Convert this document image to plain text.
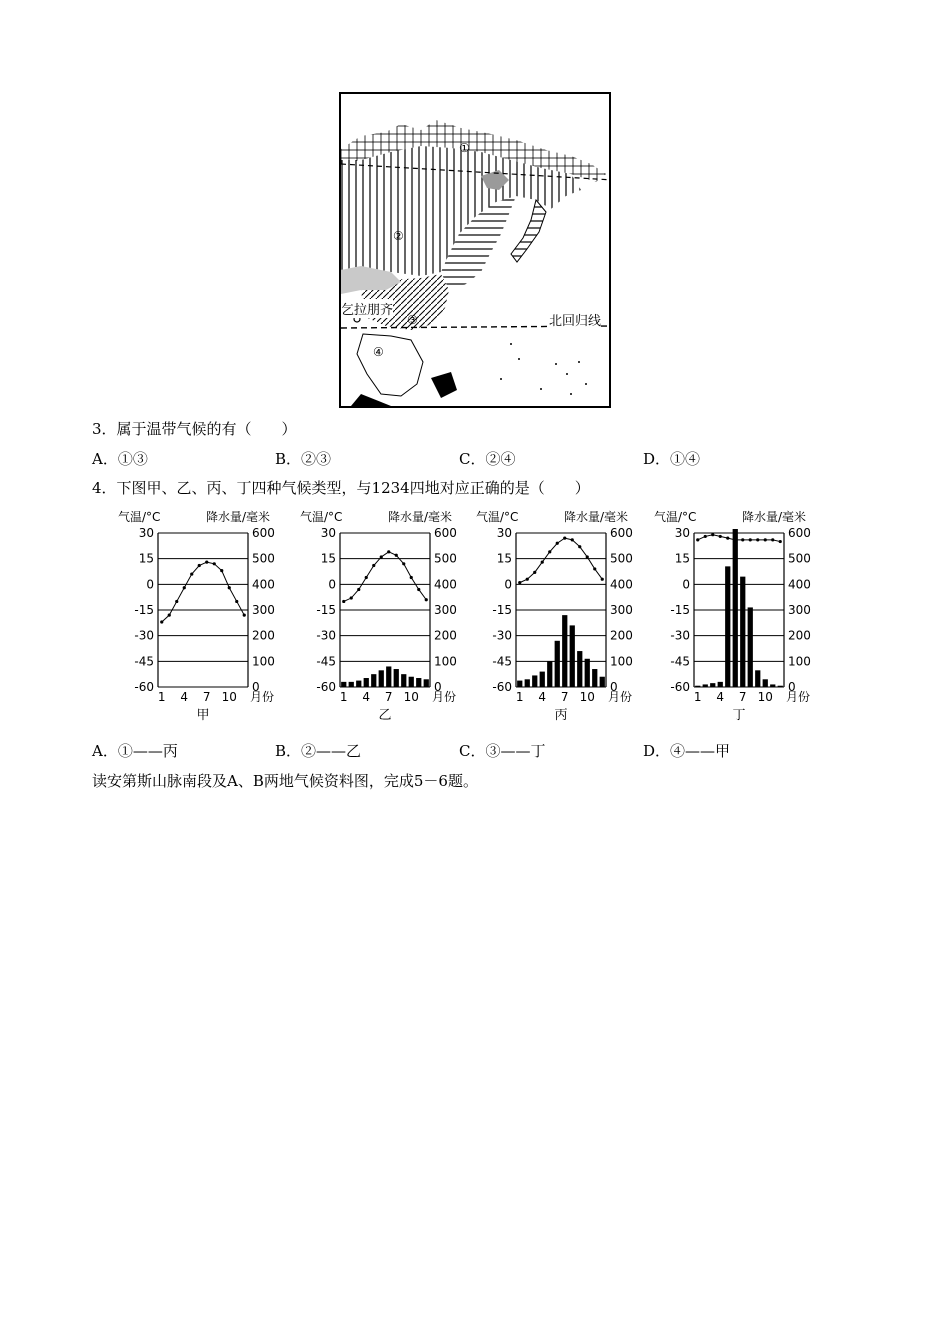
①
②
③
④
乞拉朋齐
北回归线
3．属于温带气候的有（　　）
A．①③	B．②③	C．②④	D．①④
4．下图甲、乙、丙、丁四种气候类型，与1234四地对应正确的是（　　）
气温/°C	降水量/毫米
30	600
15	500
0	400
-15	300
-30	200
-45	100
-60	0
1 4 7 10 月份
甲
气温/°C	降水量/毫米
30	600
15	500
0	400
-15	300
-30	200
-45	100
-60	0
1 4 7 10 月份
乙
气温/°C	降水量/毫米
30	600
15	500
0	400
-15	300
-30	200
-45	100
-60	0
1 4 7 10 月份
丙
气温/°C	降水量/毫米
30	600
15	500
0	400
-15	300
-30	200
-45	100
-60	0
1 4 7 10 月份
丁
A．①——丙	B．②——乙	C．③——丁	D．④——甲
读安第斯山脉南段及A、B两地气候资料图，完成5－6题。
